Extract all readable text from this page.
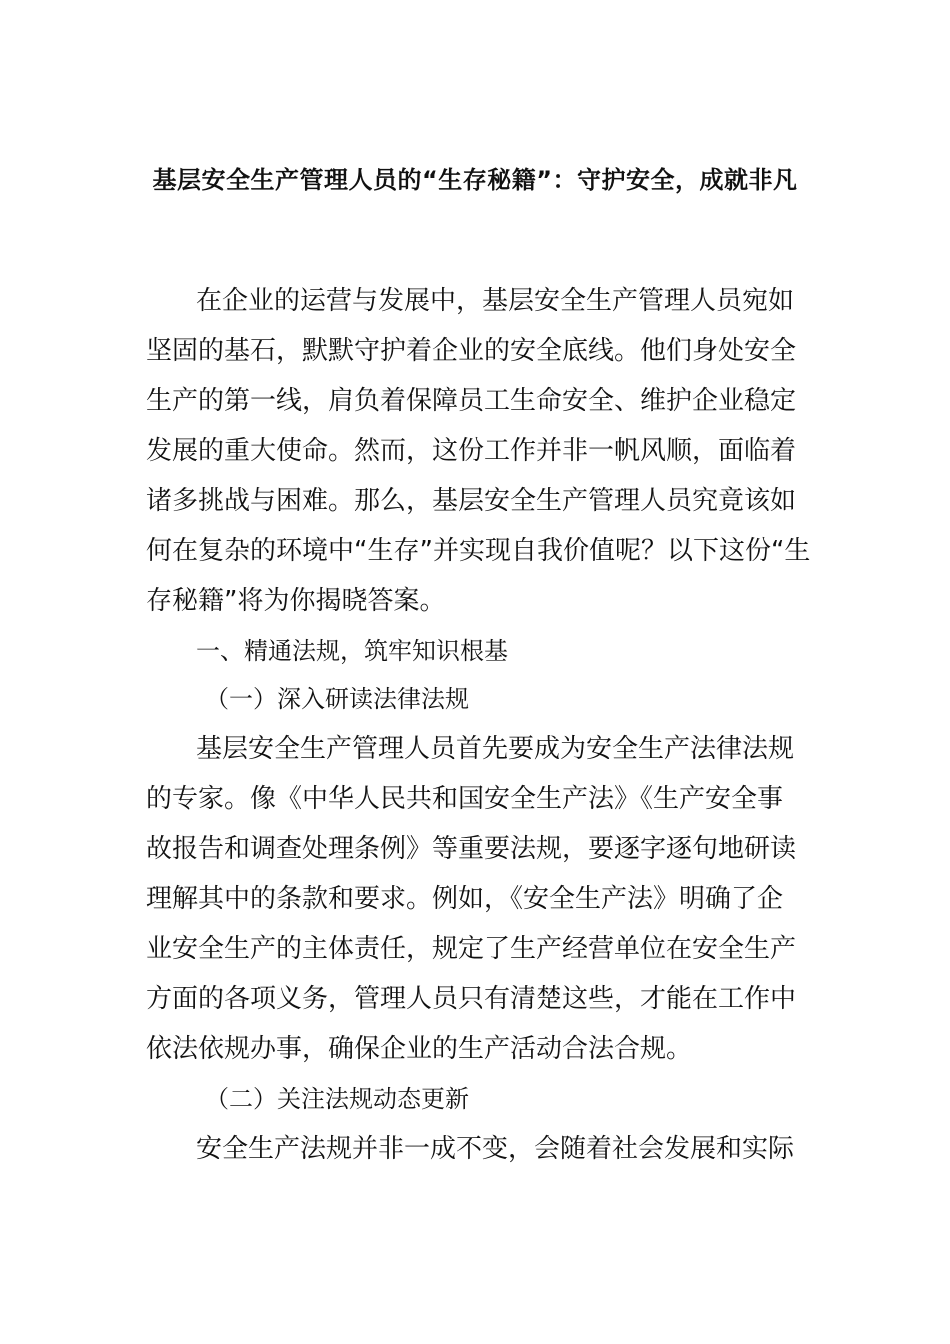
基层安全生产管理人员的“生存秘籍”：守护安全，成就非凡
在企业的运营与发展中，基层安全生产管理人员宛如
坚固的基石，默默守护着企业的安全底线。他们身处安全
生产的第一线，肩负着保障员工生命安全、维护企业稳定
发展的重大使命。然而，这份工作并非一帆风顺，面临着
诸多挑战与困难。那么，基层安全生产管理人员究竟该如
何在复杂的环境中“生存”并实现自我价值呢？以下这份“生
存秘籍”将为你揭晓答案。
一、精通法规，筑牢知识根基
（一）深入研读法律法规
基层安全生产管理人员首先要成为安全生产法律法规
的专家。像《中华人民共和国安全生产法》《生产安全事
故报告和调查处理条例》等重要法规，要逐字逐句地研读
理解其中的条款和要求。例如，《安全生产法》明确了企
业安全生产的主体责任，规定了生产经营单位在安全生产
方面的各项义务，管理人员只有清楚这些，才能在工作中
依法依规办事，确保企业的生产活动合法合规。
（二）关注法规动态更新
安全生产法规并非一成不变，会随着社会发展和实际
